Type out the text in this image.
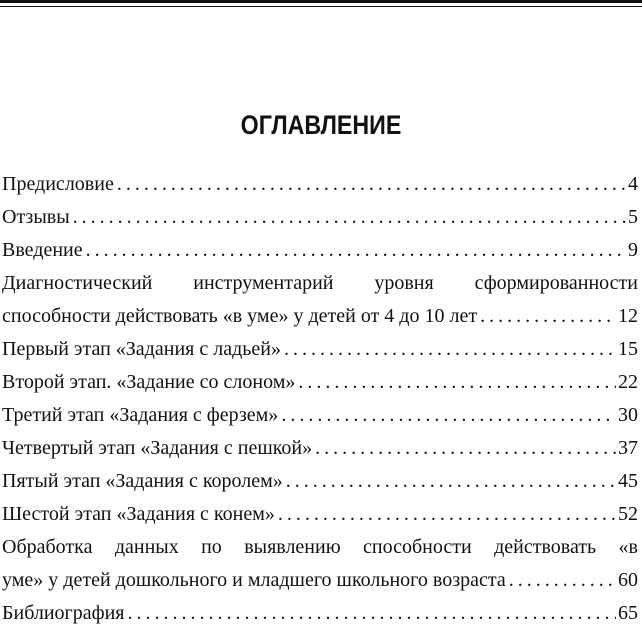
ОГЛАВЛЕНИЕ
Предисловие . . .	4
Отзывы . . .	5
Введение . . .	9
Диагностический инструментарий уровня сформированности
способности действовать «в уме» у детей от 4 до 10 лет . . .	12
Первый этап «Задания с ладьей» . . .	15
Второй этап. «Задание со слоном» . . .	22
Третий этап «Задания с ферзем» . . .	30
Четвертый этап «Задания с пешкой» . . .	37
Пятый этап «Задания с королем» . . .	45
Шестой этап «Задания с конем» . . .	52
Обработка данных по выявлению способности действовать «в
уме» у детей дошкольного и младшего школьного возраста . . .	60
Библиография . . .	65
